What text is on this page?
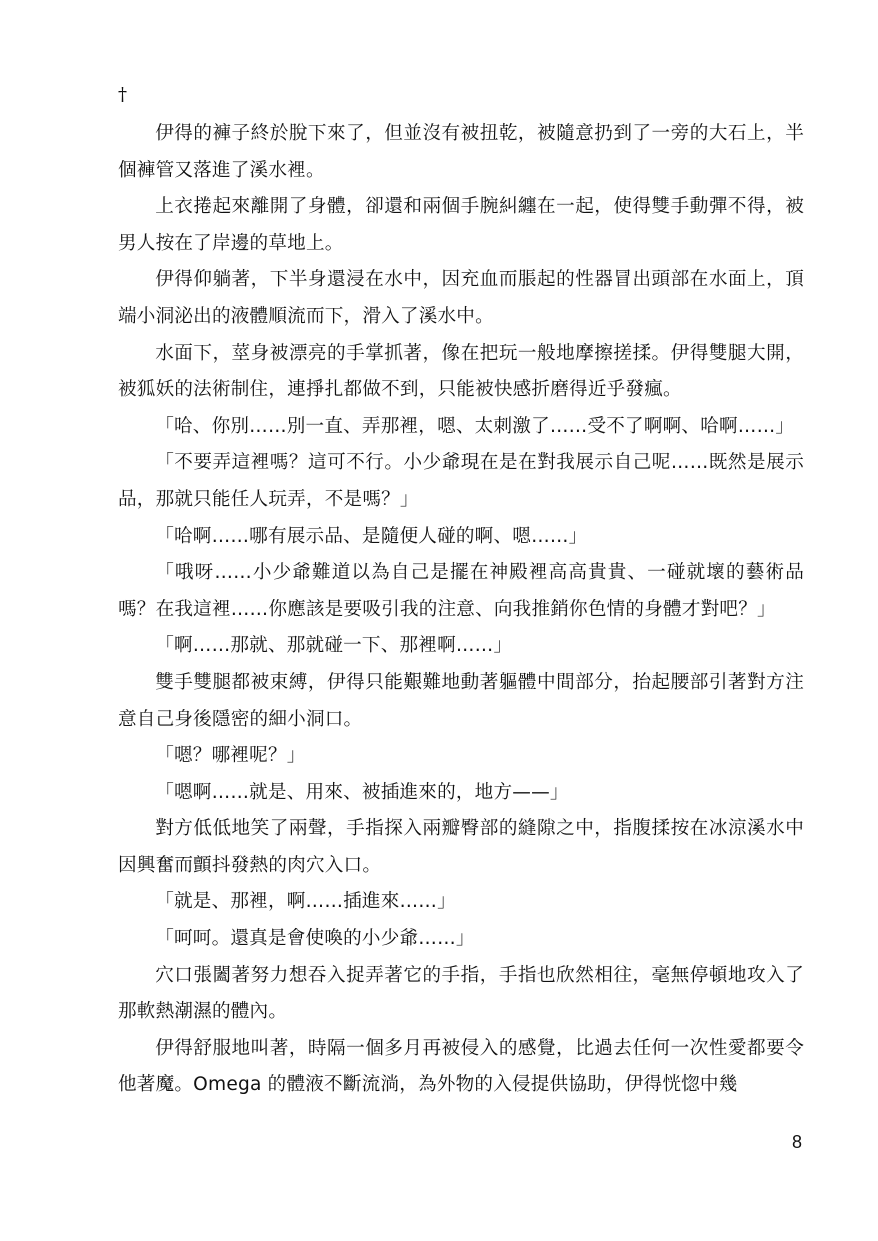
†

伊得的褲子終於脫下來了，但並沒有被扭乾，被隨意扔到了一旁的大石上，半個褲管又落進了溪水裡。

上衣捲起來離開了身體，卻還和兩個手腕糾纏在一起，使得雙手動彈不得，被男人按在了岸邊的草地上。

伊得仰躺著，下半身還浸在水中，因充血而脹起的性器冒出頭部在水面上，頂端小洞泌出的液體順流而下，滑入了溪水中。

水面下，莖身被漂亮的手掌抓著，像在把玩一般地摩擦搓揉。伊得雙腿大開，被狐妖的法術制住，連掙扎都做不到，只能被快感折磨得近乎發瘋。

「哈、你別……別一直、弄那裡，嗯、太刺激了……受不了啊啊、哈啊……」

「不要弄這裡嗎？這可不行。小少爺現在是在對我展示自己呢……既然是展示品，那就只能任人玩弄，不是嗎？」

「哈啊……哪有展示品、是隨便人碰的啊、嗯……」

「哦呀……小少爺難道以為自己是擺在神殿裡高高貴貴、一碰就壞的藝術品嗎？在我這裡……你應該是要吸引我的注意、向我推銷你色情的身體才對吧？」

「啊……那就、那就碰一下、那裡啊……」

雙手雙腿都被束縛，伊得只能艱難地動著軀體中間部分，抬起腰部引著對方注意自己身後隱密的細小洞口。

「嗯？哪裡呢？」

「嗯啊……就是、用來、被插進來的，地方——」

對方低低地笑了兩聲，手指探入兩瓣臀部的縫隙之中，指腹揉按在冰涼溪水中因興奮而顫抖發熱的肉穴入口。

「就是、那裡，啊……插進來……」

「呵呵。還真是會使喚的小少爺……」

穴口張闔著努力想吞入捉弄著它的手指，手指也欣然相往，毫無停頓地攻入了那軟熱潮濕的體內。

伊得舒服地叫著，時隔一個多月再被侵入的感覺，比過去任何一次性愛都要令他著魔。Omega 的體液不斷流淌，為外物的入侵提供協助，伊得恍惚中幾

8
